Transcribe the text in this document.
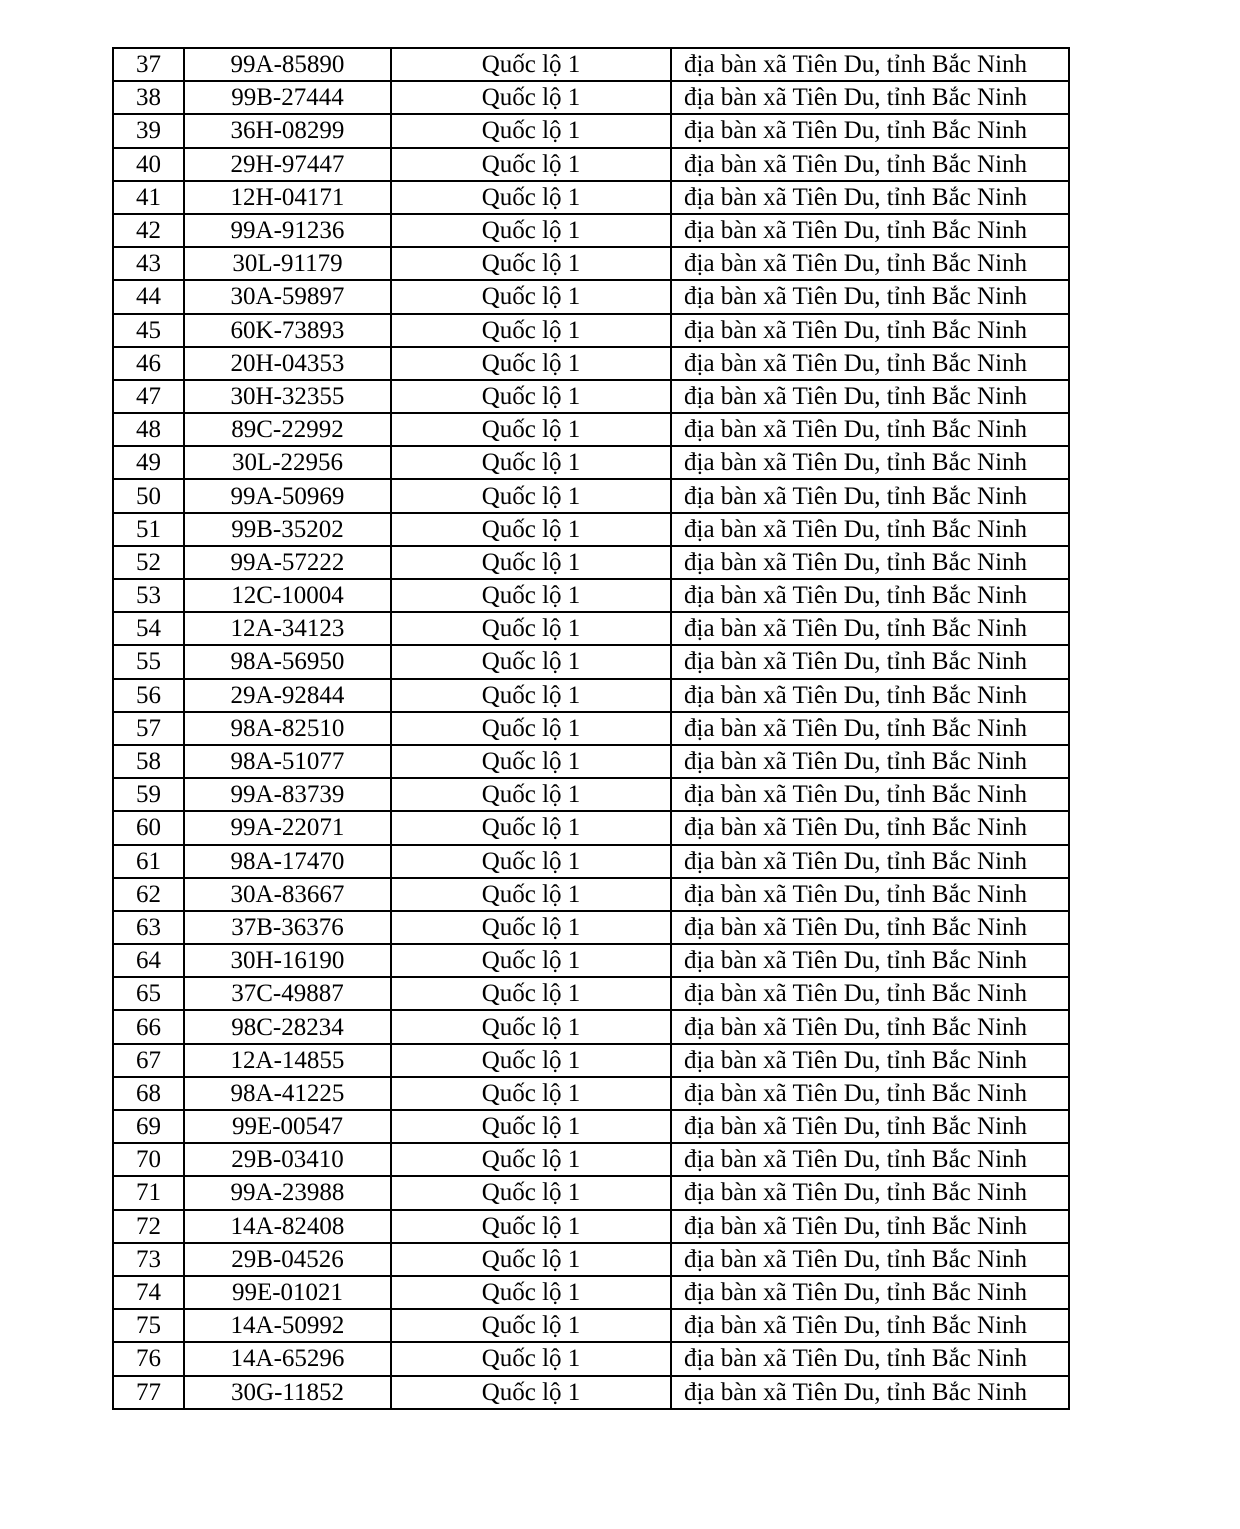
37	99A-85890	Quốc lộ 1	địa bàn xã Tiên Du, tỉnh Bắc Ninh
38	99B-27444	Quốc lộ 1	địa bàn xã Tiên Du, tỉnh Bắc Ninh
39	36H-08299	Quốc lộ 1	địa bàn xã Tiên Du, tỉnh Bắc Ninh
40	29H-97447	Quốc lộ 1	địa bàn xã Tiên Du, tỉnh Bắc Ninh
41	12H-04171	Quốc lộ 1	địa bàn xã Tiên Du, tỉnh Bắc Ninh
42	99A-91236	Quốc lộ 1	địa bàn xã Tiên Du, tỉnh Bắc Ninh
43	30L-91179	Quốc lộ 1	địa bàn xã Tiên Du, tỉnh Bắc Ninh
44	30A-59897	Quốc lộ 1	địa bàn xã Tiên Du, tỉnh Bắc Ninh
45	60K-73893	Quốc lộ 1	địa bàn xã Tiên Du, tỉnh Bắc Ninh
46	20H-04353	Quốc lộ 1	địa bàn xã Tiên Du, tỉnh Bắc Ninh
47	30H-32355	Quốc lộ 1	địa bàn xã Tiên Du, tỉnh Bắc Ninh
48	89C-22992	Quốc lộ 1	địa bàn xã Tiên Du, tỉnh Bắc Ninh
49	30L-22956	Quốc lộ 1	địa bàn xã Tiên Du, tỉnh Bắc Ninh
50	99A-50969	Quốc lộ 1	địa bàn xã Tiên Du, tỉnh Bắc Ninh
51	99B-35202	Quốc lộ 1	địa bàn xã Tiên Du, tỉnh Bắc Ninh
52	99A-57222	Quốc lộ 1	địa bàn xã Tiên Du, tỉnh Bắc Ninh
53	12C-10004	Quốc lộ 1	địa bàn xã Tiên Du, tỉnh Bắc Ninh
54	12A-34123	Quốc lộ 1	địa bàn xã Tiên Du, tỉnh Bắc Ninh
55	98A-56950	Quốc lộ 1	địa bàn xã Tiên Du, tỉnh Bắc Ninh
56	29A-92844	Quốc lộ 1	địa bàn xã Tiên Du, tỉnh Bắc Ninh
57	98A-82510	Quốc lộ 1	địa bàn xã Tiên Du, tỉnh Bắc Ninh
58	98A-51077	Quốc lộ 1	địa bàn xã Tiên Du, tỉnh Bắc Ninh
59	99A-83739	Quốc lộ 1	địa bàn xã Tiên Du, tỉnh Bắc Ninh
60	99A-22071	Quốc lộ 1	địa bàn xã Tiên Du, tỉnh Bắc Ninh
61	98A-17470	Quốc lộ 1	địa bàn xã Tiên Du, tỉnh Bắc Ninh
62	30A-83667	Quốc lộ 1	địa bàn xã Tiên Du, tỉnh Bắc Ninh
63	37B-36376	Quốc lộ 1	địa bàn xã Tiên Du, tỉnh Bắc Ninh
64	30H-16190	Quốc lộ 1	địa bàn xã Tiên Du, tỉnh Bắc Ninh
65	37C-49887	Quốc lộ 1	địa bàn xã Tiên Du, tỉnh Bắc Ninh
66	98C-28234	Quốc lộ 1	địa bàn xã Tiên Du, tỉnh Bắc Ninh
67	12A-14855	Quốc lộ 1	địa bàn xã Tiên Du, tỉnh Bắc Ninh
68	98A-41225	Quốc lộ 1	địa bàn xã Tiên Du, tỉnh Bắc Ninh
69	99E-00547	Quốc lộ 1	địa bàn xã Tiên Du, tỉnh Bắc Ninh
70	29B-03410	Quốc lộ 1	địa bàn xã Tiên Du, tỉnh Bắc Ninh
71	99A-23988	Quốc lộ 1	địa bàn xã Tiên Du, tỉnh Bắc Ninh
72	14A-82408	Quốc lộ 1	địa bàn xã Tiên Du, tỉnh Bắc Ninh
73	29B-04526	Quốc lộ 1	địa bàn xã Tiên Du, tỉnh Bắc Ninh
74	99E-01021	Quốc lộ 1	địa bàn xã Tiên Du, tỉnh Bắc Ninh
75	14A-50992	Quốc lộ 1	địa bàn xã Tiên Du, tỉnh Bắc Ninh
76	14A-65296	Quốc lộ 1	địa bàn xã Tiên Du, tỉnh Bắc Ninh
77	30G-11852	Quốc lộ 1	địa bàn xã Tiên Du, tỉnh Bắc Ninh
